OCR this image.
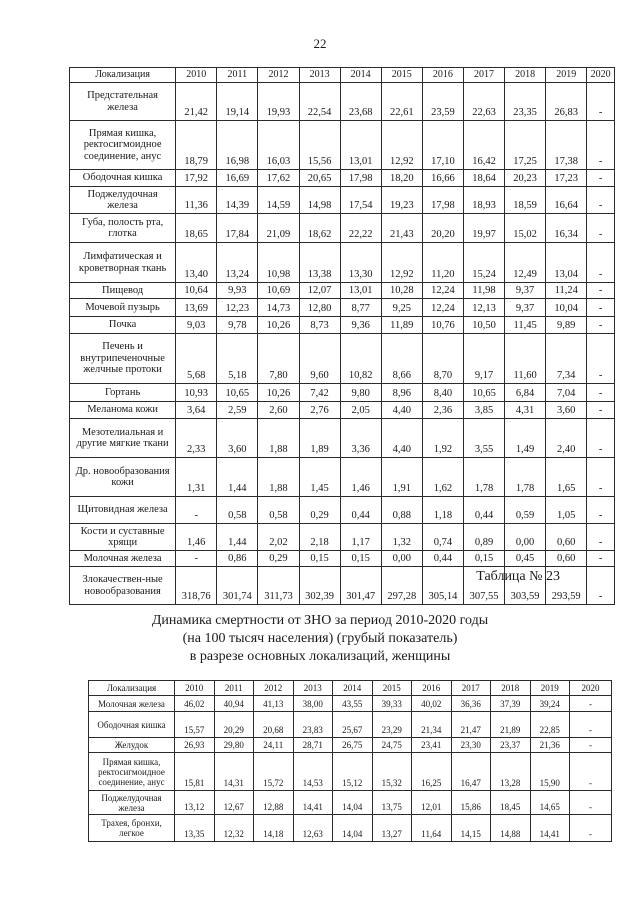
22
Локализация	2010	2011	2012	2013	2014	2015	2016	2017	2018	2019	2020
Предстательная железа	21,42	19,14	19,93	22,54	23,68	22,61	23,59	22,63	23,35	26,83	-
Прямая кишка, ректосигмоидное соединение, анус	18,79	16,98	16,03	15,56	13,01	12,92	17,10	16,42	17,25	17,38	-
Ободочная кишка	17,92	16,69	17,62	20,65	17,98	18,20	16,66	18,64	20,23	17,23	-
Поджелудочная железа	11,36	14,39	14,59	14,98	17,54	19,23	17,98	18,93	18,59	16,64	-
Губа, полость рта, глотка	18,65	17,84	21,09	18,62	22,22	21,43	20,20	19,97	15,02	16,34	-
Лимфатическая и кроветворная ткань	13,40	13,24	10,98	13,38	13,30	12,92	11,20	15,24	12,49	13,04	-
Пищевод	10,64	9,93	10,69	12,07	13,01	10,28	12,24	11,98	9,37	11,24	-
Мочевой пузырь	13,69	12,23	14,73	12,80	8,77	9,25	12,24	12,13	9,37	10,04	-
Почка	9,03	9,78	10,26	8,73	9,36	11,89	10,76	10,50	11,45	9,89	-
Печень и внутрипеченочные желчные протоки	5,68	5,18	7,80	9,60	10,82	8,66	8,70	9,17	11,60	7,34	-
Гортань	10,93	10,65	10,26	7,42	9,80	8,96	8,40	10,65	6,84	7,04	-
Меланома кожи	3,64	2,59	2,60	2,76	2,05	4,40	2,36	3,85	4,31	3,60	-
Мезотелиальная и другие мягкие ткани	2,33	3,60	1,88	1,89	3,36	4,40	1,92	3,55	1,49	2,40	-
Др. новообразования кожи	1,31	1,44	1,88	1,45	1,46	1,91	1,62	1,78	1,78	1,65	-
Щитовидная железа	-	0,58	0,58	0,29	0,44	0,88	1,18	0,44	0,59	1,05	-
Кости и суставные хрящи	1,46	1,44	2,02	2,18	1,17	1,32	0,74	0,89	0,00	0,60	-
Молочная железа	-	0,86	0,29	0,15	0,15	0,00	0,44	0,15	0,45	0,60	-
Злокачествен-ные новообразования	318,76	301,74	311,73	302,39	301,47	297,28	305,14	307,55	303,59	293,59	-
Таблица № 23
Динамика смертности от ЗНО за период 2010-2020 годы
(на 100 тысяч населения) (грубый показатель)
в разрезе основных локализаций, женщины
Локализация	2010	2011	2012	2013	2014	2015	2016	2017	2018	2019	2020
Молочная железа	46,02	40,94	41,13	38,00	43,55	39,33	40,02	36,36	37,39	39,24	-
Ободочная кишка	15,57	20,29	20,68	23,83	25,67	23,29	21,34	21,47	21,89	22,85	-
Желудок	26,93	29,80	24,11	28,71	26,75	24,75	23,41	23,30	23,37	21,36	-
Прямая кишка, ректосигмоидное соединение, анус	15,81	14,31	15,72	14,53	15,12	15,32	16,25	16,47	13,28	15,90	-
Поджелудочная железа	13,12	12,67	12,88	14,41	14,04	13,75	12,01	15,86	18,45	14,65	-
Трахея, бронхи, легкое	13,35	12,32	14,18	12,63	14,04	13,27	11,64	14,15	14,88	14,41	-
